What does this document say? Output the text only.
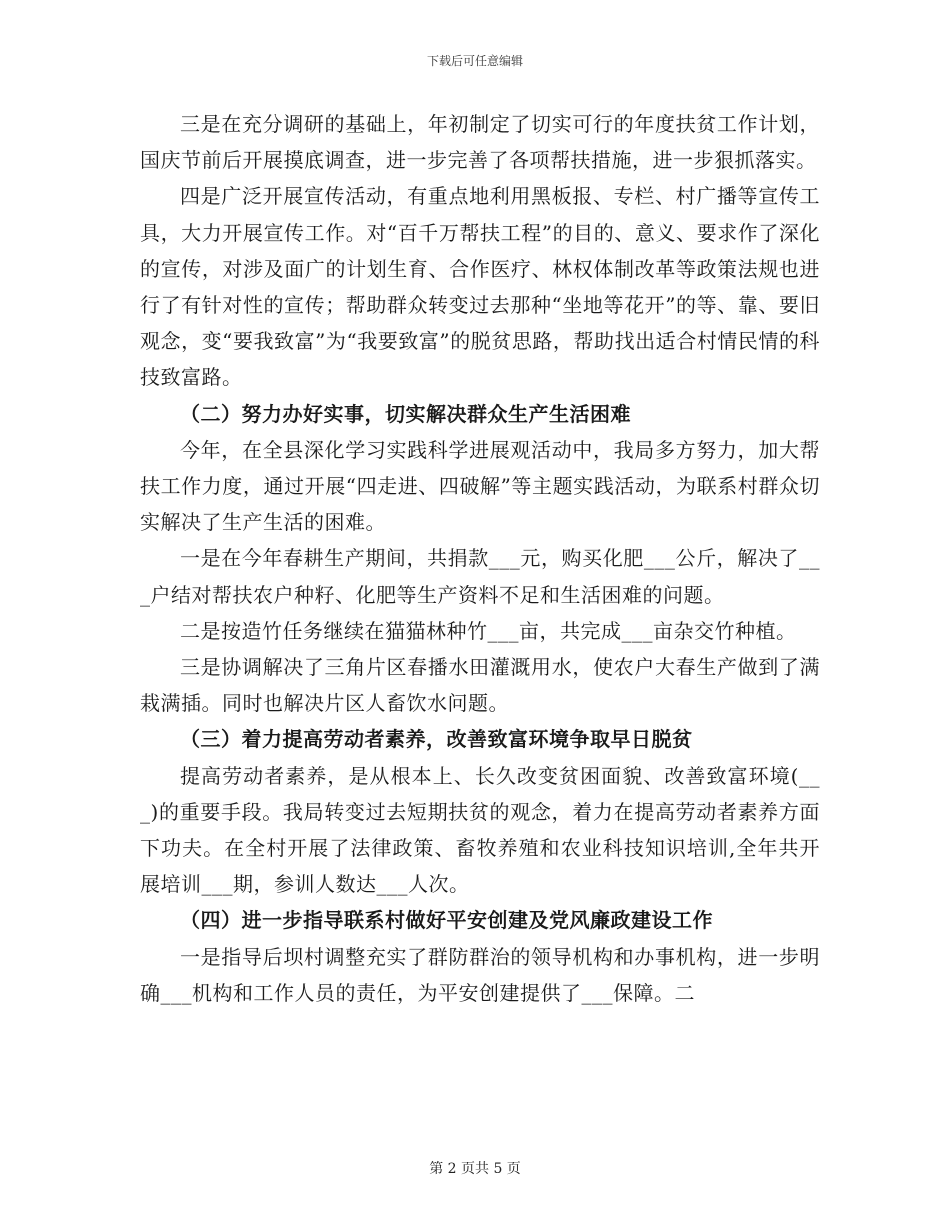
下载后可任意编辑

三是在充分调研的基础上，年初制定了切实可行的年度扶贫工作计划，国庆节前后开展摸底调查，进一步完善了各项帮扶措施，进一步狠抓落实。

四是广泛开展宣传活动，有重点地利用黑板报、专栏、村广播等宣传工具，大力开展宣传工作。对“百千万帮扶工程”的目的、意义、要求作了深化的宣传，对涉及面广的计划生育、合作医疗、林权体制改革等政策法规也进行了有针对性的宣传；帮助群众转变过去那种“坐地等花开”的等、靠、要旧观念，变“要我致富”为“我要致富”的脱贫思路，帮助找出适合村情民情的科技致富路。

（二）努力办好实事，切实解决群众生产生活困难

今年，在全县深化学习实践科学进展观活动中，我局多方努力，加大帮扶工作力度，通过开展“四走进、四破解”等主题实践活动，为联系村群众切实解决了生产生活的困难。

一是在今年春耕生产期间，共捐款___元，购买化肥___公斤，解决了___户结对帮扶农户种籽、化肥等生产资料不足和生活困难的问题。

二是按造竹任务继续在猫猫林种竹___亩，共完成___亩杂交竹种植。

三是协调解决了三角片区春播水田灌溉用水，使农户大春生产做到了满栽满插。同时也解决片区人畜饮水问题。

（三）着力提高劳动者素养，改善致富环境争取早日脱贫

提高劳动者素养，是从根本上、长久改变贫困面貌、改善致富环境(___)的重要手段。我局转变过去短期扶贫的观念，着力在提高劳动者素养方面下功夫。在全村开展了法律政策、畜牧养殖和农业科技知识培训,全年共开展培训___期，参训人数达___人次。

（四）进一步指导联系村做好平安创建及党风廉政建设工作

一是指导后坝村调整充实了群防群治的领导机构和办事机构，进一步明确___机构和工作人员的责任，为平安创建提供了___保障。二

第 2 页共 5 页
